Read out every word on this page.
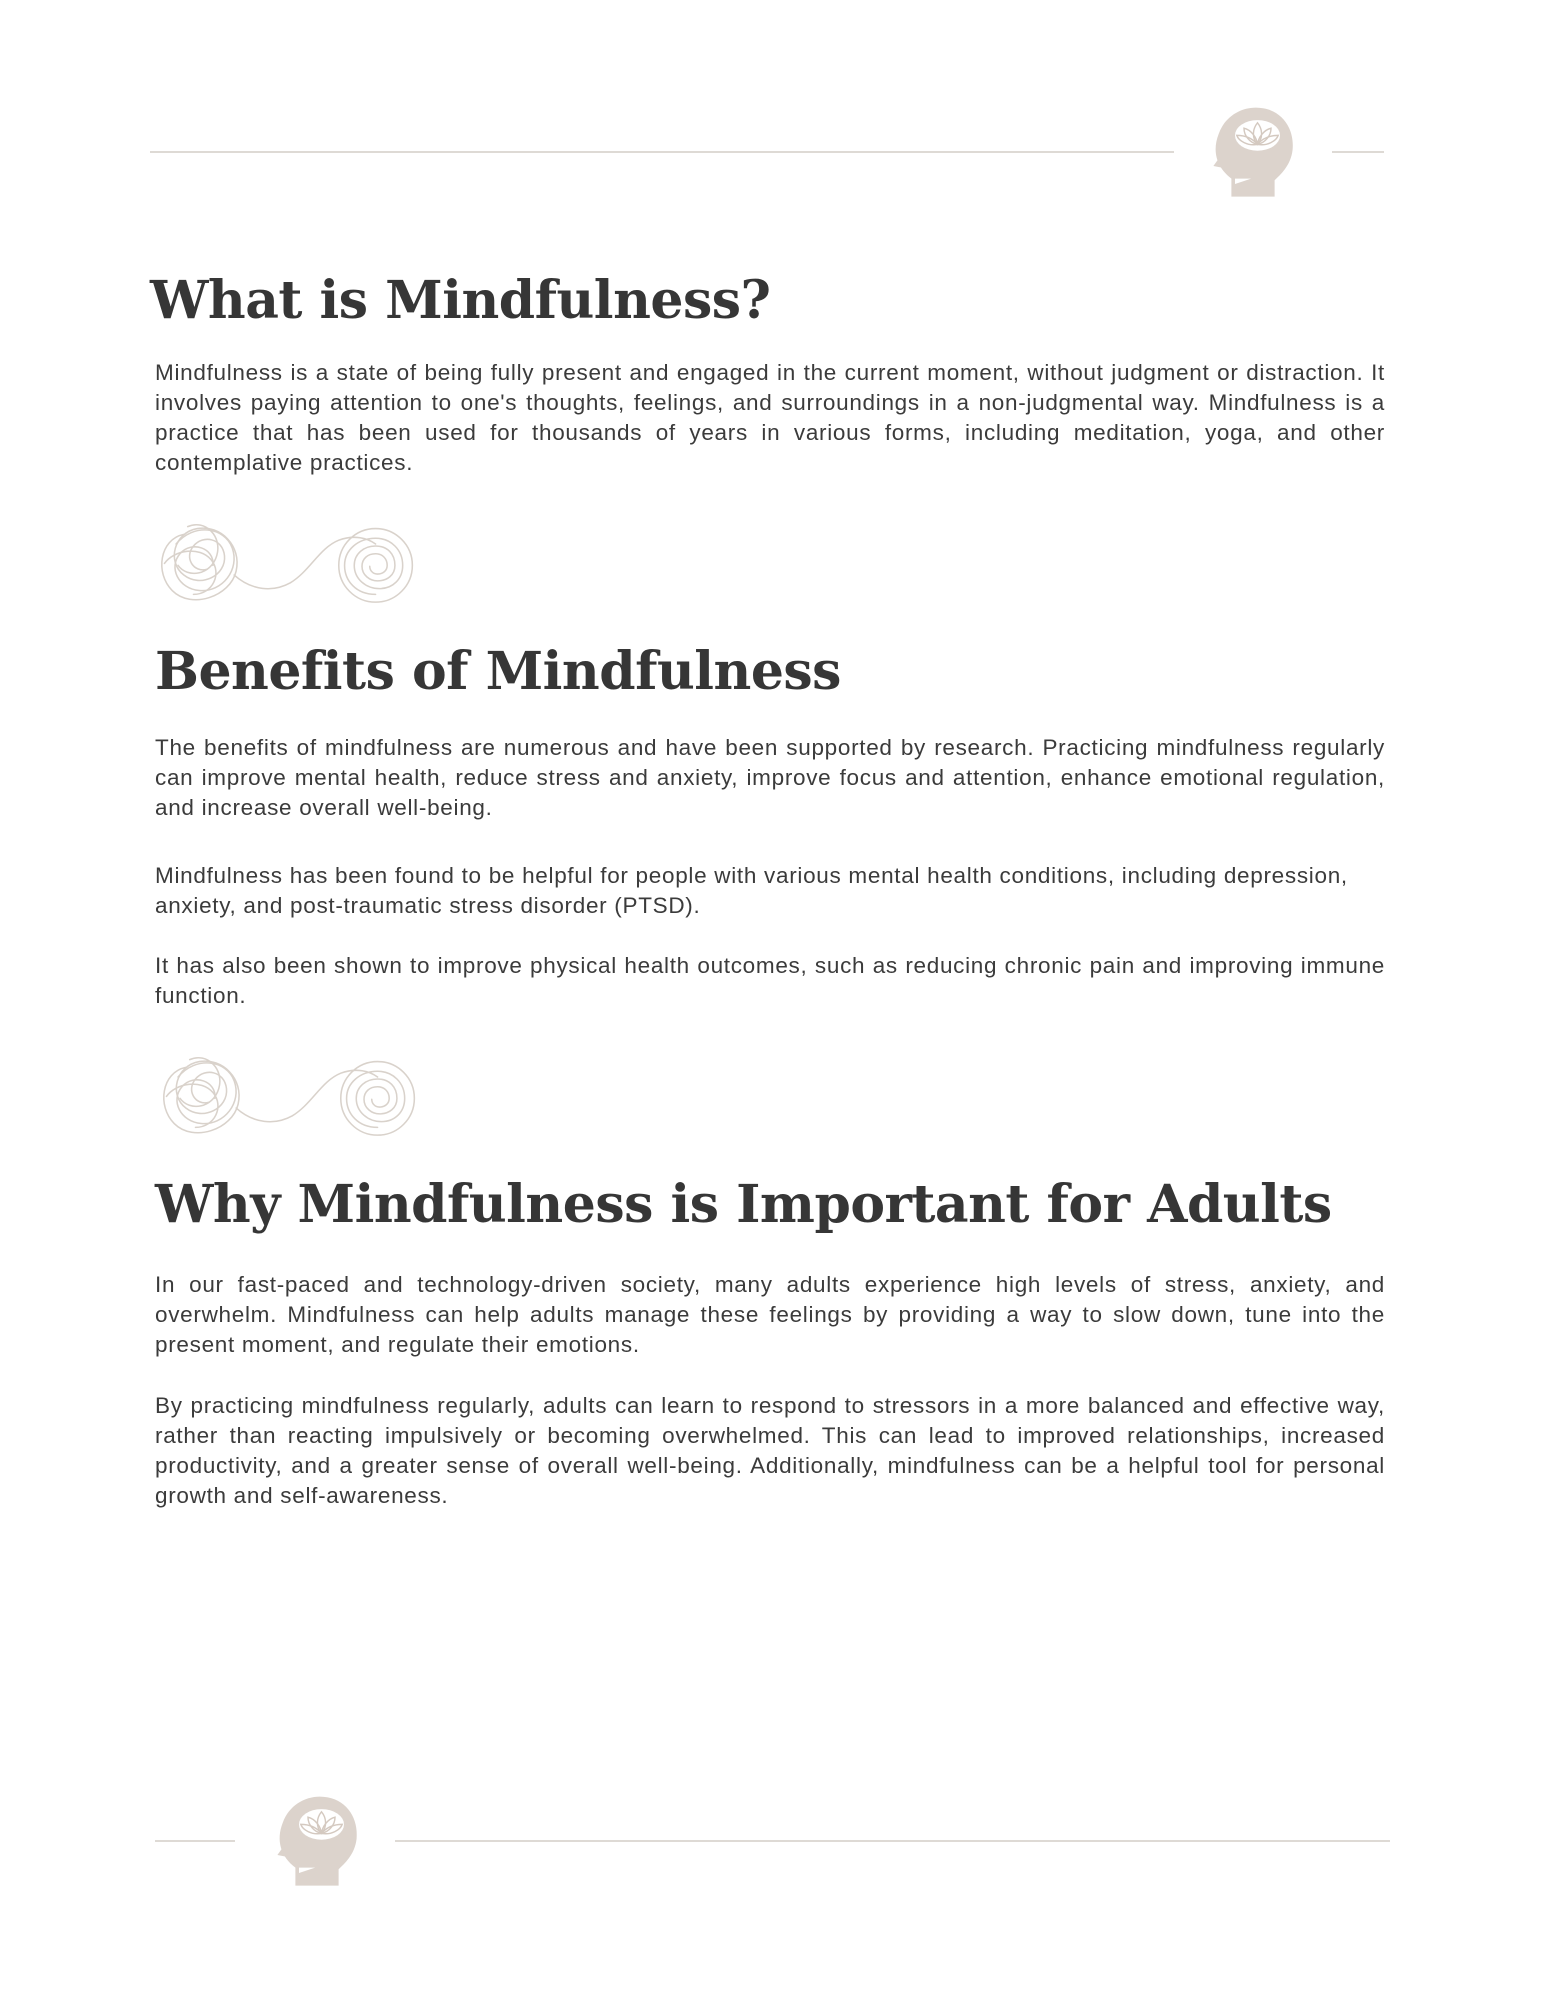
What is Mindfulness?

Mindfulness is a state of being fully present and engaged in the current moment, without judgment or distraction. It involves paying attention to one's thoughts, feelings, and surroundings in a non-judgmental way. Mindfulness is a practice that has been used for thousands of years in various forms, including meditation, yoga, and other contemplative practices.

Benefits of Mindfulness

The benefits of mindfulness are numerous and have been supported by research. Practicing mindfulness regularly can improve mental health, reduce stress and anxiety, improve focus and attention, enhance emotional regulation, and increase overall well-being.

Mindfulness has been found to be helpful for people with various mental health conditions, including depression, anxiety, and post-traumatic stress disorder (PTSD).

It has also been shown to improve physical health outcomes, such as reducing chronic pain and improving immune function.

Why Mindfulness is Important for Adults

In our fast-paced and technology-driven society, many adults experience high levels of stress, anxiety, and overwhelm. Mindfulness can help adults manage these feelings by providing a way to slow down, tune into the present moment, and regulate their emotions.

By practicing mindfulness regularly, adults can learn to respond to stressors in a more balanced and effective way, rather than reacting impulsively or becoming overwhelmed. This can lead to improved relationships, increased productivity, and a greater sense of overall well-being. Additionally, mindfulness can be a helpful tool for personal growth and self-awareness.
